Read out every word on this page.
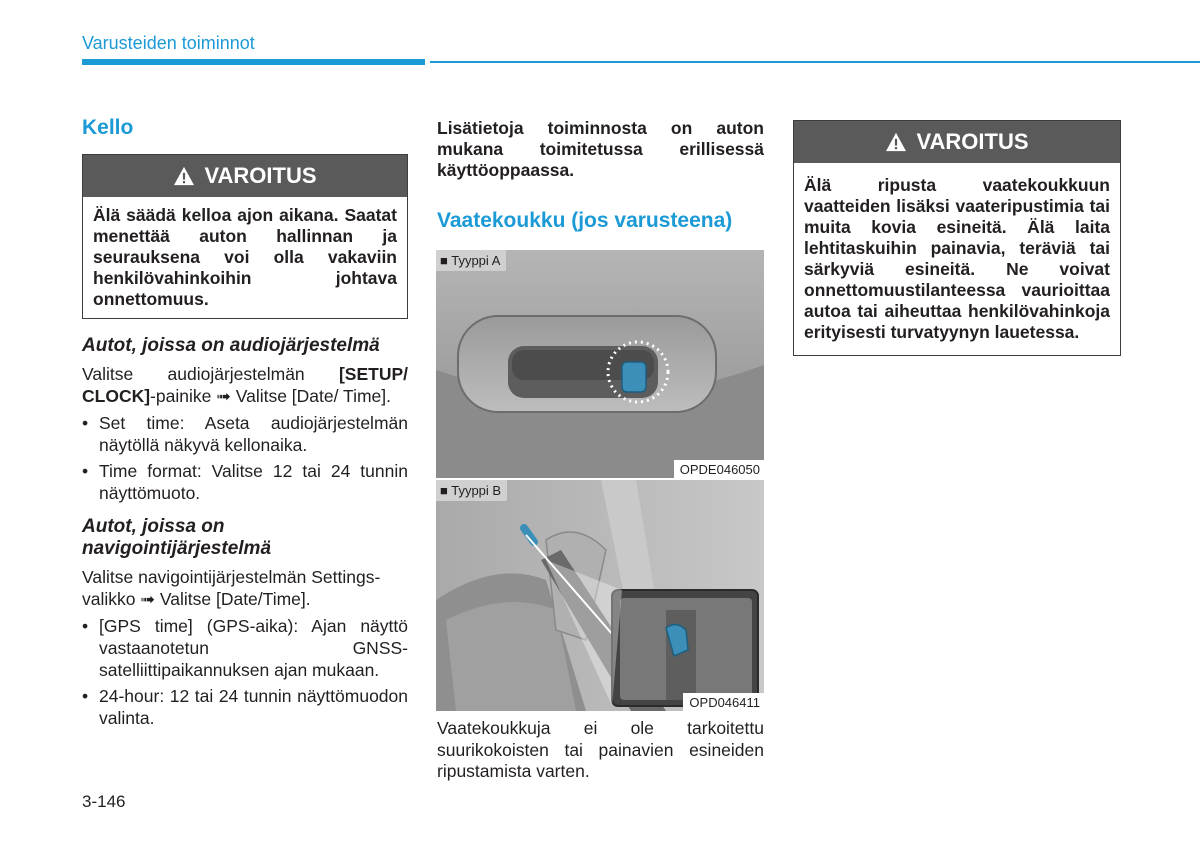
Varusteiden toiminnot
Kello
VAROITUS
Älä säädä kelloa ajon aikana. Saatat menettää auton hallinnan ja seurauksena voi olla vakaviin henkilövahinkoihin johtava onnettomuus.
Autot, joissa on audiojärjestelmä

Valitse audiojärjestelmän [SETUP/ CLOCK]-painike ➟ Valitse [Date/ Time].

• Set time: Aseta audiojärjestelmän näytöllä näkyvä kellonaika.
• Time format: Valitse 12 tai 24 tunnin näyttömuoto.
Autot, joissa on navigointijärjestelmä

Valitse navigointijärjestelmän Settings-valikko ➟ Valitse [Date/Time].

• [GPS time] (GPS-aika): Ajan näyttö vastaanotetun GNSS-satelliittipaikannuksen ajan mukaan.
• 24-hour: 12 tai 24 tunnin näyttömuodon valinta.

Lisätietoja toiminnosta on auton mukana toimitetussa erillisessä käyttöoppaassa.

Vaatekoukku (jos varusteena)
■ Tyyppi A
OPDE046050
■ Tyyppi B
OPD046411

Vaatekoukkuja ei ole tarkoitettu suurikokoisten tai painavien esineiden ripustamista varten.

VAROITUS
Älä ripusta vaatekoukkuun vaatteiden lisäksi vaateripustimia tai muita kovia esineitä. Älä laita lehtitaskuihin painavia, teräviä tai särkyviä esineitä. Ne voivat onnettomuustilanteessa vaurioittaa autoa tai aiheuttaa henkilövahinkoja erityisesti turvatyynyn lauetessa.
3-146
